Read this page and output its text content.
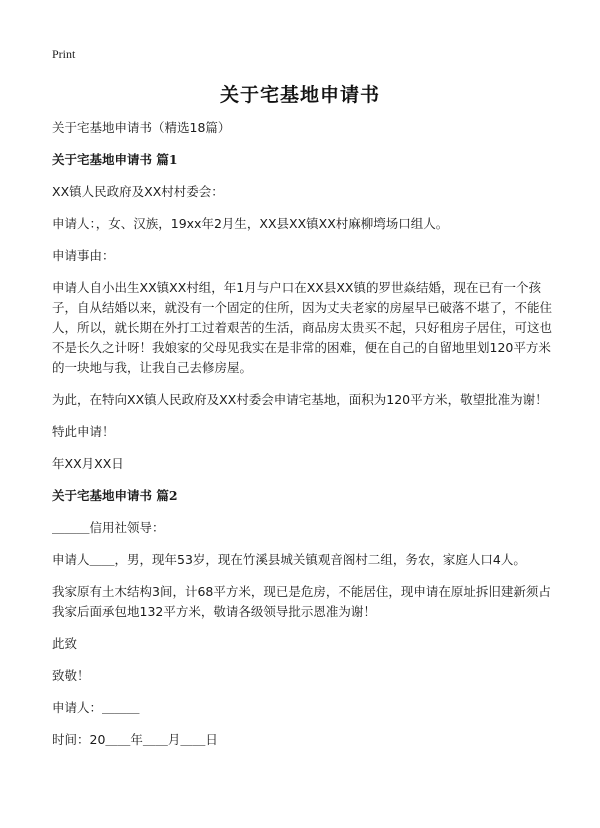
Print
关于宅基地申请书

关于宅基地申请书（精选18篇）

关于宅基地申请书 篇1

XX镇人民政府及XX村村委会：

申请人：，女、汉族，19xx年2月生，XX县XX镇XX村麻柳塆场口组人。

申请事由：

申请人自小出生XX镇XX村组，年1月与户口在XX县XX镇的罗世焱结婚，现在已有一个孩子，自从结婚以来，就没有一个固定的住所，因为丈夫老家的房屋早已破落不堪了，不能住人，所以，就长期在外打工过着艰苦的生活，商品房太贵买不起，只好租房子居住，可这也不是长久之计呀！我娘家的父母见我实在是非常的困难，便在自己的自留地里划120平方米的一块地与我，让我自己去修房屋。

为此，在特向XX镇人民政府及XX村委会申请宅基地，面积为120平方米，敬望批准为谢！

特此申请！

年XX月XX日

关于宅基地申请书 篇2

＿＿＿信用社领导：

申请人＿＿，男，现年53岁，现在竹溪县城关镇观音阁村二组，务农，家庭人口4人。

我家原有土木结构3间，计68平方米，现已是危房，不能居住，现申请在原址拆旧建新须占我家后面承包地132平方米，敬请各级领导批示恩准为谢！

此致

致敬！

申请人：＿＿＿

时间：20＿＿年＿＿月＿＿日
